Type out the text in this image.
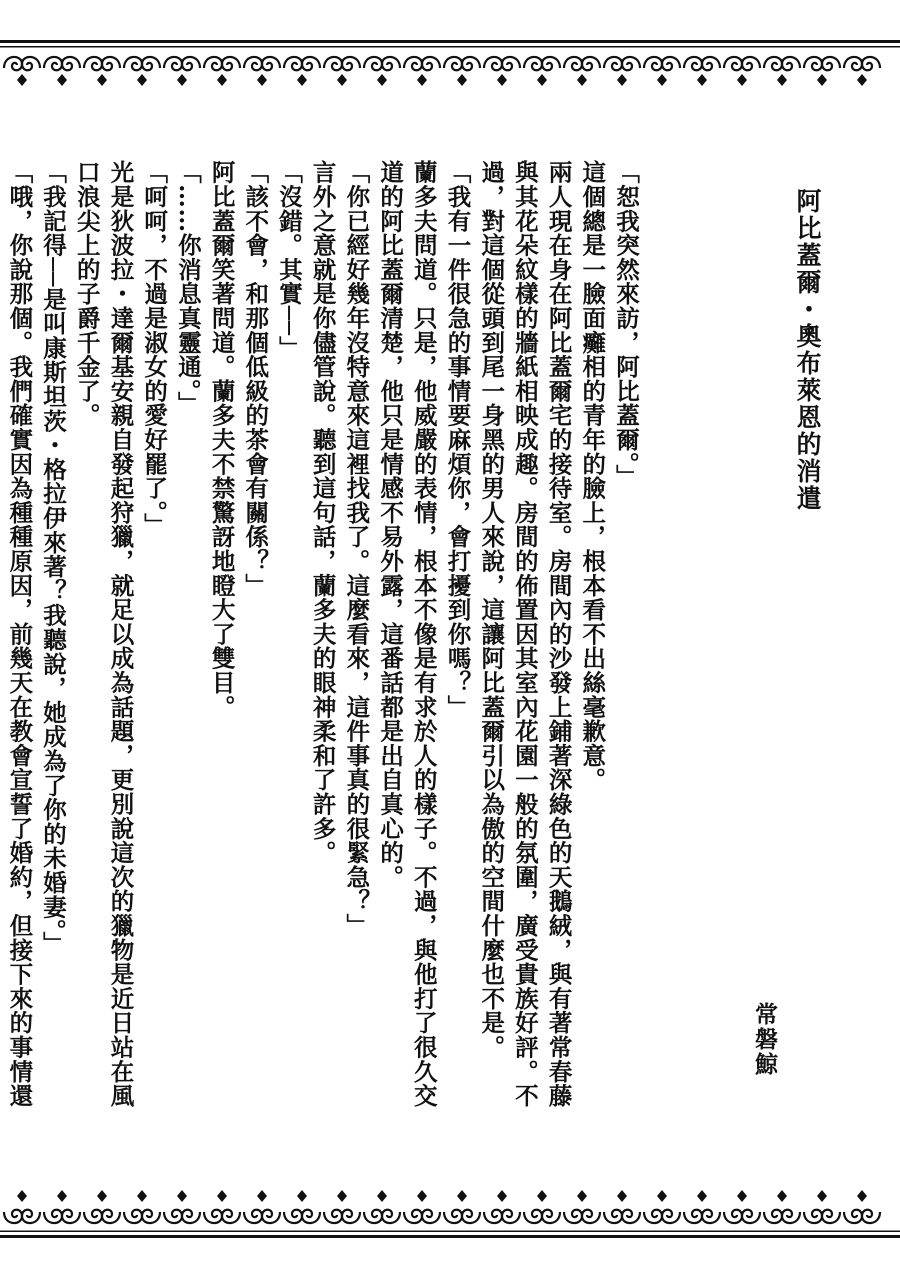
阿比蓋爾・奧布萊恩的消遣
常磐鯨

「恕我突然來訪，阿比蓋爾。」

這個總是一臉面癱相的青年的臉上，根本看不出絲毫歉意。

兩人現在身在阿比蓋爾宅的接待室。房間內的沙發上鋪著深綠色的天鵝絨，與有著常春藤與其花朵紋樣的牆紙相映成趣。房間的佈置因其室內花園一般的氛圍，廣受貴族好評。不過，對這個從頭到尾一身黑的男人來說，這讓阿比蓋爾引以為傲的空間什麼也不是。

「我有一件很急的事情要麻煩你，會打擾到你嗎？」

蘭多夫問道。只是，他威嚴的表情，根本不像是有求於人的樣子。不過，與他打了很久交道的阿比蓋爾清楚，他只是情感不易外露，這番話都是出自真心的。

「你已經好幾年沒特意來這裡找我了。這麼看來，這件事真的很緊急？」

言外之意就是你儘管說。聽到這句話，蘭多夫的眼神柔和了許多。

「沒錯。其實──」

「該不會，和那個低級的茶會有關係？」

阿比蓋爾笑著問道。蘭多夫不禁驚訝地瞪大了雙目。

「……你消息真靈通。」

「呵呵，不過是淑女的愛好罷了。」

光是狄波拉・達爾基安親自發起狩獵，就足以成為話題，更別說這次的獵物是近日站在風口浪尖上的子爵千金了。

「我記得──是叫康斯坦茨・格拉伊來著？我聽說，她成為了你的未婚妻。」

「哦，你說那個。我們確實因為種種原因，前幾天在教會宣誓了婚約，但接下來的事情還
